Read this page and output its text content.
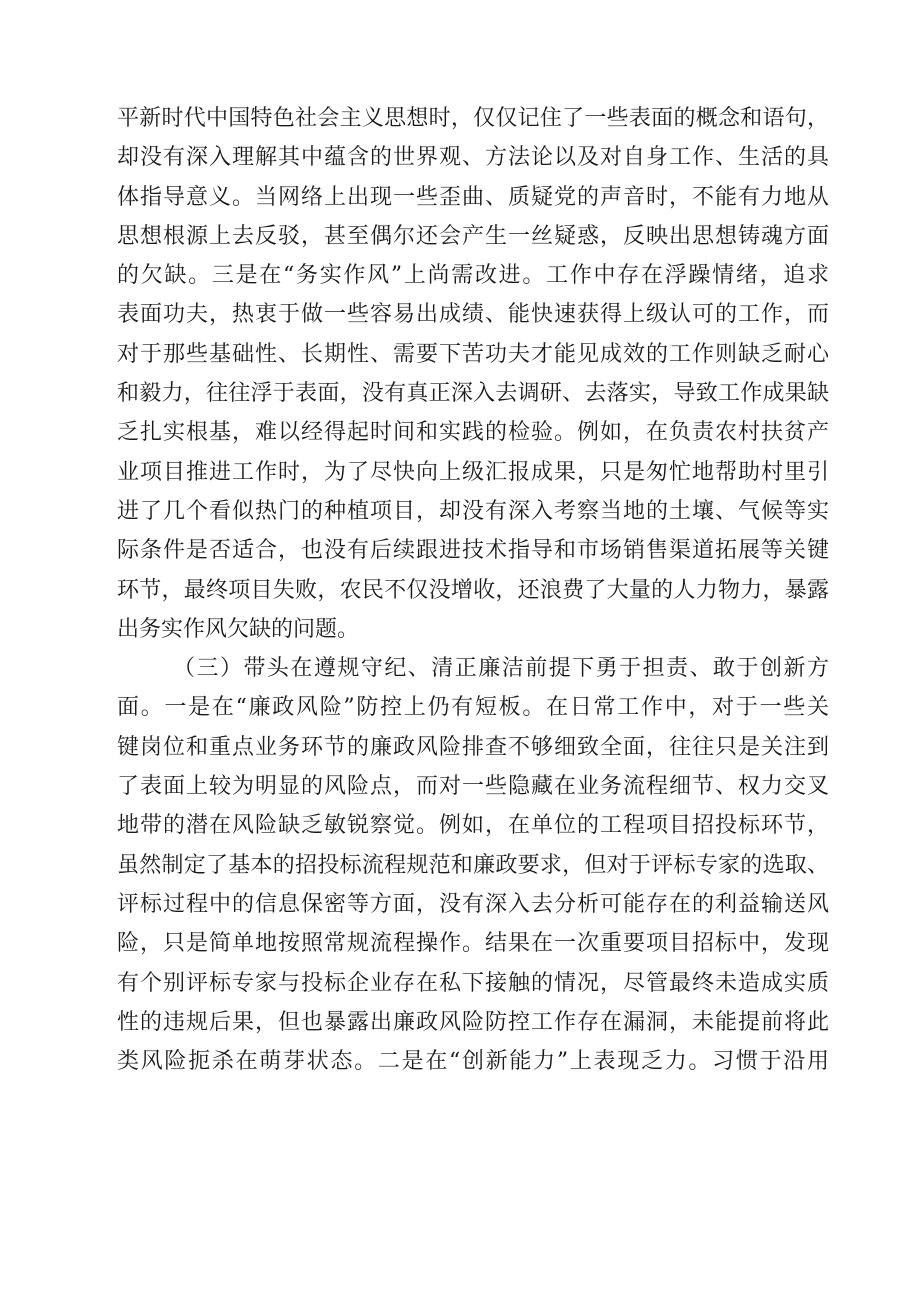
平新时代中国特色社会主义思想时，仅仅记住了一些表面的概念和语句，
却没有深入理解其中蕴含的世界观、方法论以及对自身工作、生活的具
体指导意义。当网络上出现一些歪曲、质疑党的声音时，不能有力地从
思想根源上去反驳，甚至偶尔还会产生一丝疑惑，反映出思想铸魂方面
的欠缺。三是在“务实作风”上尚需改进。工作中存在浮躁情绪，追求
表面功夫，热衷于做一些容易出成绩、能快速获得上级认可的工作，而
对于那些基础性、长期性、需要下苦功夫才能见成效的工作则缺乏耐心
和毅力，往往浮于表面，没有真正深入去调研、去落实，导致工作成果缺
乏扎实根基，难以经得起时间和实践的检验。例如，在负责农村扶贫产
业项目推进工作时，为了尽快向上级汇报成果，只是匆忙地帮助村里引
进了几个看似热门的种植项目，却没有深入考察当地的土壤、气候等实
际条件是否适合，也没有后续跟进技术指导和市场销售渠道拓展等关键
环节，最终项目失败，农民不仅没增收，还浪费了大量的人力物力，暴露
出务实作风欠缺的问题。
（三）带头在遵规守纪、清正廉洁前提下勇于担责、敢于创新方
面。一是在“廉政风险”防控上仍有短板。在日常工作中，对于一些关
键岗位和重点业务环节的廉政风险排查不够细致全面，往往只是关注到
了表面上较为明显的风险点，而对一些隐藏在业务流程细节、权力交叉
地带的潜在风险缺乏敏锐察觉。例如，在单位的工程项目招投标环节，
虽然制定了基本的招投标流程规范和廉政要求，但对于评标专家的选取、
评标过程中的信息保密等方面，没有深入去分析可能存在的利益输送风
险，只是简单地按照常规流程操作。结果在一次重要项目招标中，发现
有个别评标专家与投标企业存在私下接触的情况，尽管最终未造成实质
性的违规后果，但也暴露出廉政风险防控工作存在漏洞，未能提前将此
类风险扼杀在萌芽状态。二是在“创新能力”上表现乏力。习惯于沿用
